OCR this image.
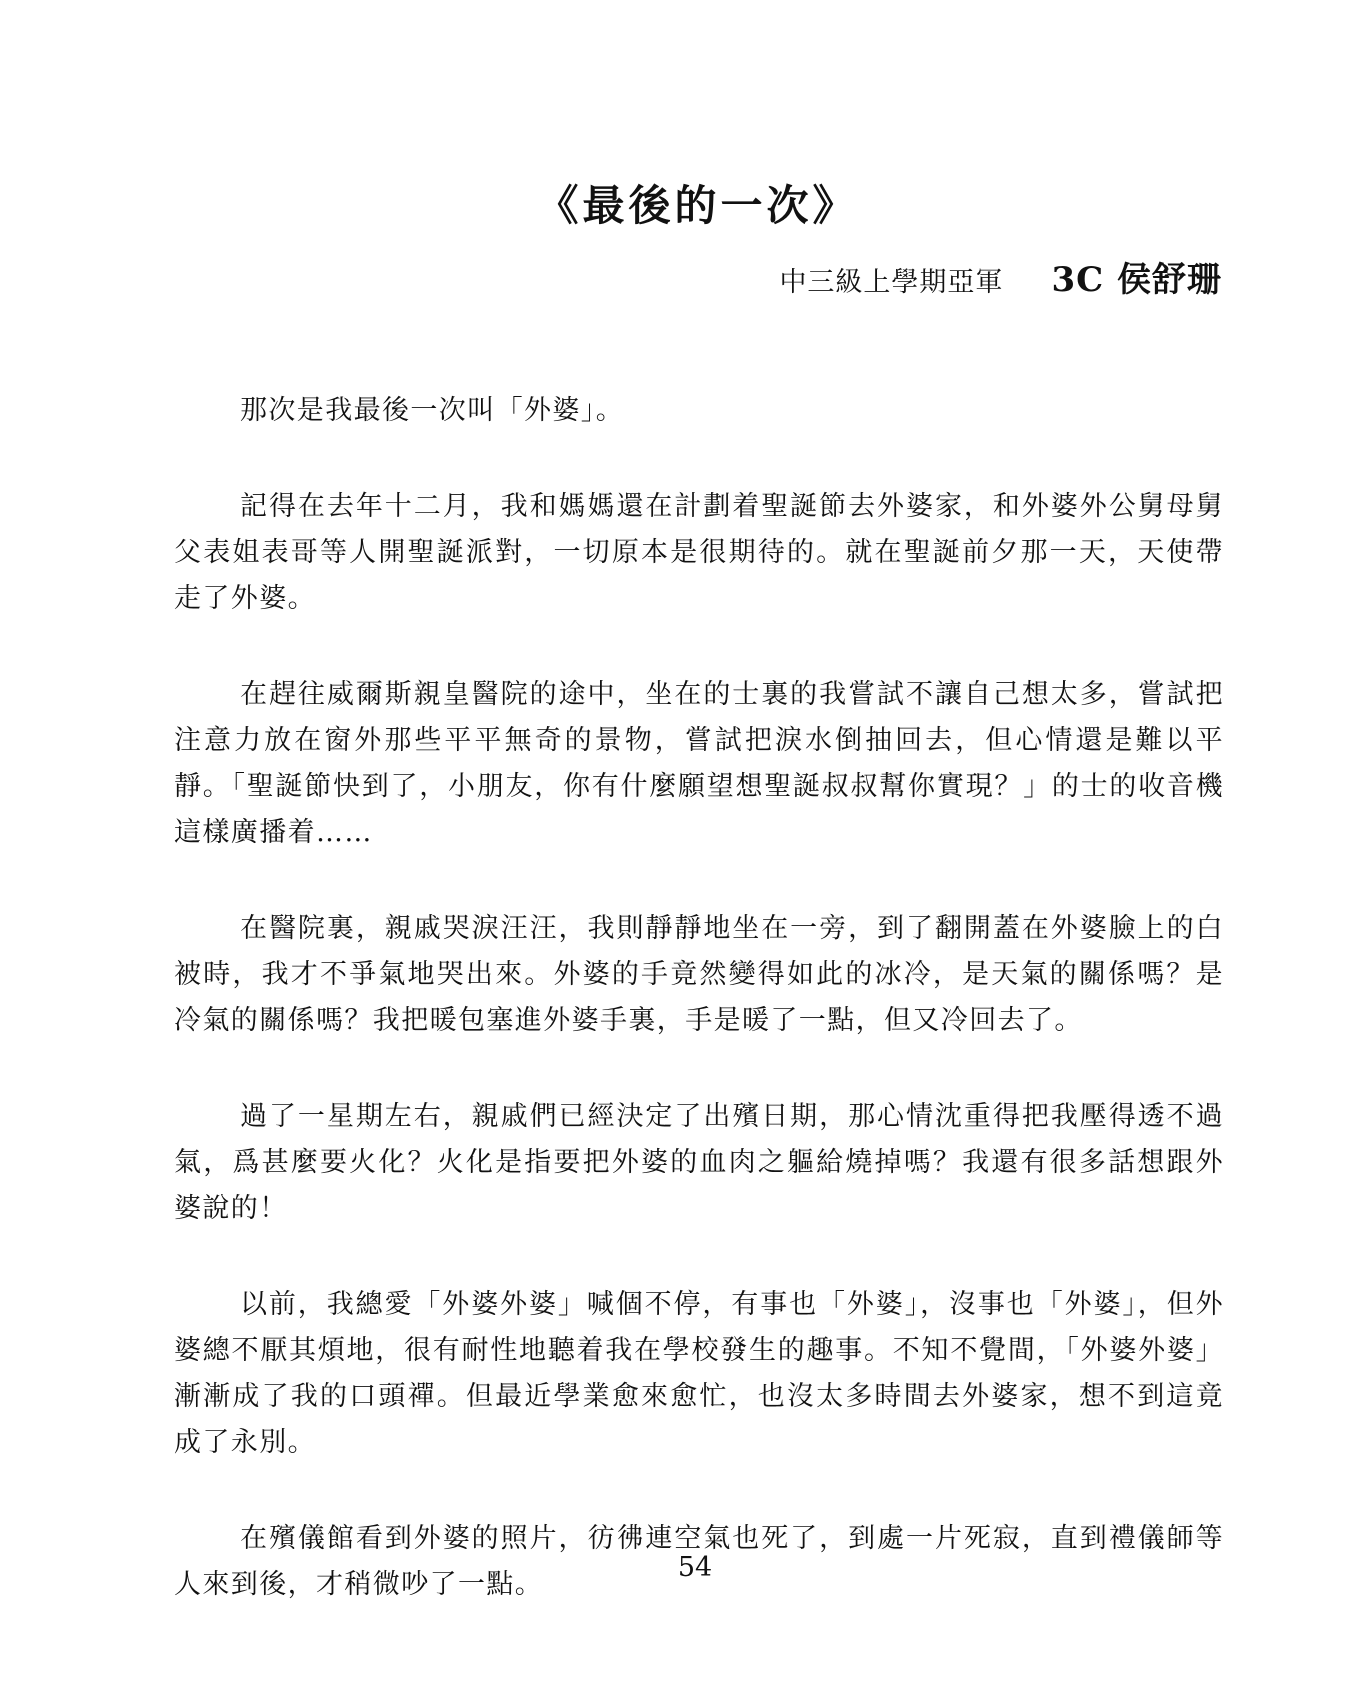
《最後的一次》
中三級上學期亞軍 3C 侯舒珊

那次是我最後一次叫「外婆」。

記得在去年十二月，我和媽媽還在計劃着聖誕節去外婆家，和外婆外公舅母舅父表姐表哥等人開聖誕派對，一切原本是很期待的。就在聖誕前夕那一天，天使帶走了外婆。

在趕往威爾斯親皇醫院的途中，坐在的士裏的我嘗試不讓自己想太多，嘗試把注意力放在窗外那些平平無奇的景物，嘗試把淚水倒抽回去，但心情還是難以平靜。「聖誕節快到了，小朋友，你有什麼願望想聖誕叔叔幫你實現？」的士的收音機這樣廣播着……

在醫院裏，親戚哭淚汪汪，我則靜靜地坐在一旁，到了翻開蓋在外婆臉上的白被時，我才不爭氣地哭出來。外婆的手竟然變得如此的冰冷，是天氣的關係嗎？是冷氣的關係嗎？我把暖包塞進外婆手裏，手是暖了一點，但又冷回去了。

過了一星期左右，親戚們已經決定了出殯日期，那心情沈重得把我壓得透不過氣，爲甚麼要火化？火化是指要把外婆的血肉之軀給燒掉嗎？我還有很多話想跟外婆說的！

以前，我總愛「外婆外婆」喊個不停，有事也「外婆」，沒事也「外婆」，但外婆總不厭其煩地，很有耐性地聽着我在學校發生的趣事。不知不覺間，「外婆外婆」漸漸成了我的口頭禪。但最近學業愈來愈忙，也沒太多時間去外婆家，想不到這竟成了永別。

在殯儀館看到外婆的照片，彷彿連空氣也死了，到處一片死寂，直到禮儀師等人來到後，才稍微吵了一點。

54
